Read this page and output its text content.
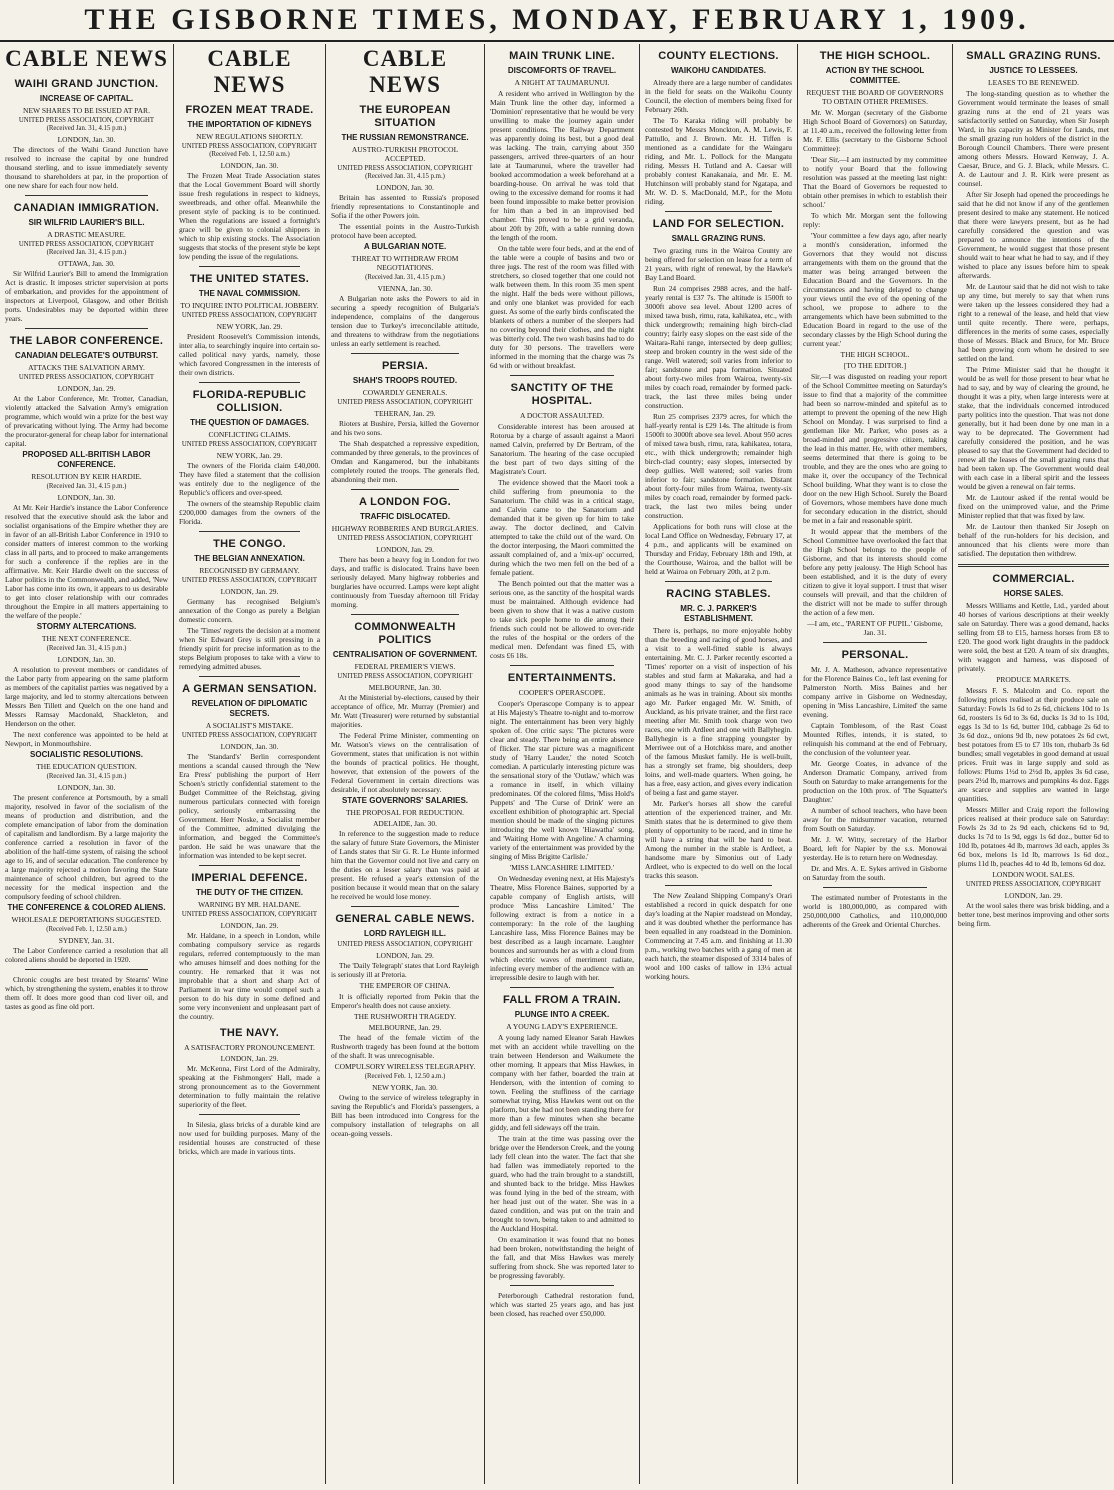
THE GISBORNE TIMES, MONDAY, FEBRUARY 1, 1909.
CABLE NEWS
WAIHI GRAND JUNCTION.
INCREASE OF CAPITAL.
NEW SHARES TO BE ISSUED AT PAR.
UNITED PRESS ASSOCIATION, COPYRIGHT (Received Jan. 31, 4.15 p.m.)
LONDON, Jan. 30.

The directors of the Waihi Grand Junction have resolved to increase the capital by one hundred thousand sterling, and to issue immediately seventy thousand to shareholders at par, in the proportion of one new share for each four now held.

CANADIAN IMMIGRATION.
SIR WILFRID LAURIER'S BILL.
A DRASTIC MEASURE.
UNITED PRESS ASSOCIATION, COPYRIGHT (Received Jan. 31, 4.15 p.m.)
OTTAWA, Jan. 30.

Sir Wilfrid Laurier's Bill to amend the Immigration Act is drastic. It imposes stricter supervision at ports of embarkation, and provides for the appointment of inspectors at Liverpool, Glasgow, and other British ports. Undesirables may be deported within three years.

THE LABOR CONFERENCE.
CANADIAN DELEGATE'S OUTBURST.
ATTACKS THE SALVATION ARMY.
UNITED PRESS ASSOCIATION, COPYRIGHT
LONDON, Jan. 29.

At the Labor Conference, Mr. Trotter, Canadian, violently attacked the Salvation Army's emigration programme, which would win a prize for the best way of prevaricating without lying. The Army had become the procurator-general for cheap labor for international capital.

PROPOSED ALL-BRITISH LABOR CONFERENCE.
RESOLUTION BY KEIR HARDIE.
(Received Jan. 31, 4.15 p.m.)
LONDON, Jan. 30.

At Mr. Keir Hardie's instance the Labor Conference resolved that the executive should ask the labor and socialist organisations of the Empire whether they are in favor of an all-British Labor Conference in 1910 to consider matters of interest common to the working class in all parts, and to proceed to make arrangements for such a conference if the replies are in the affirmative. Mr. Keir Hardie dwelt on the success of Labor politics in the Commonwealth, and added, 'New Labor has come into its own, it appears to us desirable to get into closer relationship with our comrades throughout the Empire in all matters appertaining to the welfare of the people.'

STORMY ALTERCATIONS.
THE NEXT CONFERENCE.
(Received Jan. 31, 4.15 p.m.)
LONDON, Jan. 30.

A resolution to prevent members or candidates of the Labor party from appearing on the same platform as members of the capitalist parties was negatived by a large majority, and led to stormy altercations between Messrs Ben Tillett and Quelch on the one hand and Messrs Ramsay Macdonald, Shackleton, and Henderson on the other.

The next conference was appointed to be held at Newport, in Monmouthshire.

SOCIALISTIC RESOLUTIONS.
THE EDUCATION QUESTION.
(Received Jan. 31, 4.15 p.m.)
LONDON, Jan. 30.

The present conference at Portsmouth, by a small majority, resolved in favor of the socialism of the means of production and distribution, and the complete emancipation of labor from the domination of capitalism and landlordism. By a large majority the conference carried a resolution in favor of the abolition of the half-time system, of raising the school age to 16, and of secular education. The conference by a large majority rejected a motion favoring the State maintenance of school children, but agreed to the necessity for the medical inspection and the compulsory feeding of school children.

THE CONFERENCE & COLORED ALIENS.
WHOLESALE DEPORTATIONS SUGGESTED.
(Received Feb. 1, 12.50 a.m.)
SYDNEY, Jan. 31.

The Labor Conference carried a resolution that all colored aliens should be deported in 1920.

Chronic coughs are best treated by Stearns' Wine which, by strengthening the system, enables it to throw them off. It does more good than cod liver oil, and tastes as good as fine old port.

CABLE NEWS
FROZEN MEAT TRADE.
THE IMPORTATION OF KIDNEYS
NEW REGULATIONS SHORTLY.
UNITED PRESS ASSOCIATION, COPYRIGHT (Received Feb. 1, 12.50 a.m.)
LONDON, Jan. 30.

The Frozen Meat Trade Association states that the Local Government Board will shortly issue fresh regulations in respect to kidneys, sweetbreads, and other offal. Meanwhile the present style of packing is to be continued. When the regulations are issued a fortnight's grace will be given to colonial shippers in which to ship existing stocks. The Association suggests that stocks of the present style be kept low pending the issue of the regulations.

THE UNITED STATES.
THE NAVAL COMMISSION.
TO INQUIRE INTO POLITICAL JOBBERY.
UNITED PRESS ASSOCIATION, COPYRIGHT
NEW YORK, Jan. 29.

President Roosevelt's Commission intends, inter alia, to searchingly inquire into certain so-called political navy yards, namely, those which favored Congressmen in the interests of their own districts.

FLORIDA-REPUBLIC COLLISION.
THE QUESTION OF DAMAGES.
CONFLICTING CLAIMS.
UNITED PRESS ASSOCIATION, COPYRIGHT
NEW YORK, Jan. 29.

The owners of the Florida claim £40,000. They have filed a statement that the collision was entirely due to the negligence of the Republic's officers and over-speed.

The owners of the steamship Republic claim £200,000 damages from the owners of the Florida.

THE CONGO.
THE BELGIAN ANNEXATION.
RECOGNISED BY GERMANY.
UNITED PRESS ASSOCIATION, COPYRIGHT
LONDON, Jan. 29.

Germany has recognised Belgium's annexation of the Congo as purely a Belgian domestic concern.

The 'Times' regrets the decision at a moment when Sir Edward Grey is still pressing in a friendly spirit for precise information as to the steps Belgium proposes to take with a view to remedying admitted abuses.

A GERMAN SENSATION.
REVELATION OF DIPLOMATIC SECRETS.
A SOCIALIST'S MISTAKE.
UNITED PRESS ASSOCIATION, COPYRIGHT
LONDON, Jan. 30.

The 'Standard's' Berlin correspondent mentions a scandal caused through the 'New Era Press' publishing the purport of Herr Schoen's strictly confidential statement to the Budget Committee of the Reichstag, giving numerous particulars connected with foreign policy, seriously embarrassing the Government. Herr Noske, a Socialist member of the Committee, admitted divulging the information, and begged the Committee's pardon. He said he was unaware that the information was intended to be kept secret.

IMPERIAL DEFENCE.
THE DUTY OF THE CITIZEN.
WARNING BY MR. HALDANE.
UNITED PRESS ASSOCIATION, COPYRIGHT
LONDON, Jan. 29.

Mr. Haldane, in a speech in London, while combating compulsory service as regards regulars, referred contemptuously to the man who amuses himself and does nothing for the country. He remarked that it was not improbable that a short and sharp Act of Parliament in war time would compel such a person to do his duty in some defined and some very inconvenient and unpleasant part of the country.

THE NAVY.
A SATISFACTORY PRONOUNCEMENT.
LONDON, Jan. 29.

Mr. McKenna, First Lord of the Admiralty, speaking at the Fishmongers' Hall, made a strong pronouncement as to the Government determination to fully maintain the relative superiority of the fleet.

In Silesia, glass bricks of a durable kind are now used for building purposes. Many of the residential houses are constructed of these bricks, which are made in various tints.

CABLE NEWS
THE EUROPEAN SITUATION
THE RUSSIAN REMONSTRANCE.
AUSTRO-TURKISH PROTOCOL ACCEPTED.
UNITED PRESS ASSOCIATION, COPYRIGHT (Received Jan. 31, 4.15 p.m.)
LONDON, Jan. 30.

Britain has assented to Russia's proposed friendly representations to Constantinople and Sofia if the other Powers join.

The essential points in the Austro-Turkish protocol have been accepted.

A BULGARIAN NOTE.
THREAT TO WITHDRAW FROM NEGOTIATIONS.
(Received Jan. 31, 4.15 p.m.)
VIENNA, Jan. 30.

A Bulgarian note asks the Powers to aid in securing a speedy recognition of Bulgaria's independence, complains of the dangerous tension due to Turkey's irreconcilable attitude, and threatens to withdraw from the negotiations unless an early settlement is reached.

PERSIA.
SHAH'S TROOPS ROUTED.
COWARDLY GENERALS.
UNITED PRESS ASSOCIATION, COPYRIGHT
TEHERAN, Jan. 29.

Rioters at Bushire, Persia, killed the Governor and his two sons.

The Shah despatched a repressive expedition, commanded by three generals, to the provinces of Omdan and Kangamerod, but the inhabitants completely routed the troops. The generals fled, abandoning their men.

A LONDON FOG.
TRAFFIC DISLOCATED.
HIGHWAY ROBBERIES AND BURGLARIES.
UNITED PRESS ASSOCIATION, COPYRIGHT
LONDON, Jan. 29.

There has been a heavy fog in London for two days, and traffic is dislocated. Trains have been seriously delayed. Many highway robberies and burglaries have occurred. Lamps were kept alight continuously from Tuesday afternoon till Friday morning.

COMMONWEALTH POLITICS
CENTRALISATION OF GOVERNMENT.
FEDERAL PREMIER'S VIEWS.
UNITED PRESS ASSOCIATION, COPYRIGHT
MELBOURNE, Jan. 30.

At the Ministerial by-elections, caused by their acceptance of office, Mr. Murray (Premier) and Mr. Watt (Treasurer) were returned by substantial majorities.

The Federal Prime Minister, commenting on Mr. Watson's views on the centralisation of Government, states that unification is not within the bounds of practical politics. He thought, however, that extension of the powers of the Federal Government in certain directions was desirable, if not absolutely necessary.

STATE GOVERNORS' SALARIES.
THE PROPOSAL FOR REDUCTION.
ADELAIDE, Jan. 30.

In reference to the suggestion made to reduce the salary of future State Governors, the Minister of Lands states that Sir G. R. Le Hunte informed him that the Governor could not live and carry on the duties on a lesser salary than was paid at present. He refused a year's extension of the position because it would mean that on the salary he received he would lose money.

GENERAL CABLE NEWS.
LORD RAYLEIGH ILL.
UNITED PRESS ASSOCIATION, COPYRIGHT
LONDON, Jan. 29.

The 'Daily Telegraph' states that Lord Rayleigh is seriously ill at Pretoria.

THE EMPEROR OF CHINA.

It is officially reported from Pekin that the Emperor's health does not cause anxiety.

THE RUSHWORTH TRAGEDY.
MELBOURNE, Jan. 29.

The head of the female victim of the Rushworth tragedy has been found at the bottom of the shaft. It was unrecognisable.

COMPULSORY WIRELESS TELEGRAPHY.
(Received Feb. 1, 12.50 a.m.)
NEW YORK, Jan. 30.

Owing to the service of wireless telegraphy in saving the Republic's and Florida's passengers, a Bill has been introduced into Congress for the compulsory installation of telegraphs on all ocean-going vessels.

MAIN TRUNK LINE.
DISCOMFORTS OF TRAVEL.
A NIGHT AT TAUMARUNUI.

A resident who arrived in Wellington by the Main Trunk line the other day, informed a 'Dominion' representative that he would be very unwilling to make the journey again under present conditions. The Railway Department was apparently doing its best, but a good deal was lacking. The train, carrying about 350 passengers, arrived three-quarters of an hour late at Taumarunui, where the traveller had booked accommodation a week beforehand at a boarding-house. On arrival he was told that owing to the excessive demand for rooms it had been found impossible to make better provision for him than a bed in an improvised bed chamber. This proved to be a grid veranda, about 20ft by 20ft, with a table running down the length of the room.

On the table were four beds, and at the end of the table were a couple of basins and two or three jugs. The rest of the room was filled with stretchers, so closed together that one could not walk between them. In this room 35 men spent the night. Half the beds were without pillows, and only one blanket was provided for each guest. As some of the early birds confiscated the blankets of others a number of the sleepers had no covering beyond their clothes, and the night was bitterly cold. The two wash basins had to do duty for 30 persons. The travellers were informed in the morning that the charge was 7s 6d with or without breakfast.

SANCTITY OF THE HOSPITAL.
A DOCTOR ASSAULTED.

Considerable interest has been aroused at Rotorua by a charge of assault against a Maori named Calvin, preferred by Dr Bertram, of the Sanatorium. The hearing of the case occupied the best part of two days sitting of the Magistrate's Court.

The evidence showed that the Maori took a child suffering from pneumonia to the Sanatorium. The child was in a critical stage, and Calvin came to the Sanatorium and demanded that it be given up for him to take away. The doctor declined, and Calvin attempted to take the child out of the ward. On the doctor interposing, the Maori committed the assault complained of, and a 'mix-up' occurred, during which the two men fell on the bed of a female patient.

The Bench pointed out that the matter was a serious one, as the sanctity of the hospital wards must be maintained. Although evidence had been given to show that it was a native custom to take sick people home to die among their friends such could not be allowed to over-ride the rules of the hospital or the orders of the medical men. Defendant was fined £5, with costs £6 18s.

ENTERTAINMENTS.
COOPER'S OPERASCOPE.

Cooper's Operascope Company is to appear at His Majesty's Theatre to-night and to-morrow night. The entertainment has been very highly spoken of. One critic says: 'The pictures were clear and steady. There being an entire absence of flicker. The star picture was a magnificent study of 'Harry Lauder,' the noted Scotch comedian. A particularly interesting picture was the sensational story of the 'Outlaw,' which was a romance in itself, in which villainy predominates. Of the colored films, 'Miss Hold's Puppets' and 'The Curse of Drink' were an excellent exhibition of photographic art. Special mention should be made of the singing pictures introducing the well known 'Hiawatha' song, and 'Waiting Home with Angeline.' A charming variety of the entertainment was provided by the singing of Miss Brigitte Carlisle.'

'MISS LANCASHIRE LIMITED.'

On Wednesday evening next, at His Majesty's Theatre, Miss Florence Baines, supported by a capable company of English artists, will produce 'Miss Lancashire Limited.' The following extract is from a notice in a contemporary: In the role of the laughing Lancashire lass, Miss Florence Baines may be best described as a laugh incarnate. Laughter bounces and surrounds her as with a cloud from which electric waves of merriment radiate, infecting every member of the audience with an irrepressible desire to laugh with her.

FALL FROM A TRAIN.
PLUNGE INTO A CREEK.
A YOUNG LADY'S EXPERIENCE.

A young lady named Eleanor Sarah Hawkes met with an accident while travelling on the train between Henderson and Waikumete the other morning. It appears that Miss Hawkes, in company with her father, boarded the train at Henderson, with the intention of coming to town. Feeling the stuffiness of the carriage somewhat trying, Miss Hawkes went out on the platform, but she had not been standing there for more than a few minutes when she became giddy, and fell sideways off the train.

The train at the time was passing over the bridge over the Henderson Creek, and the young lady fell clean into the water. The fact that she had fallen was immediately reported to the guard, who had the train brought to a standstill, and shunted back to the bridge. Miss Hawkes was found lying in the bed of the stream, with her head just out of the water. She was in a dazed condition, and was put on the train and brought to town, being taken to and admitted to the Auckland Hospital.

On examination it was found that no bones had been broken, notwithstanding the height of the fall, and that Miss Hawkes was merely suffering from shock. She was reported later to be progressing favorably.

Peterborough Cathedral restoration fund, which was started 25 years ago, and has just been closed, has reached over £50,000.

COUNTY ELECTIONS.
WAIKOHU CANDIDATES.

Already there are a large number of candidates in the field for seats on the Waikohu County Council, the election of members being fixed for February 26th.

The To Karaka riding will probably be contested by Messrs Monckton, A. M. Lewis, F. Pattullo, and J. Brown. Mr. H. Tiffen is mentioned as a candidate for the Waingaru riding, and Mr. L. Pollock for the Mangatu riding. Messrs H. Tutland and A. Caesar will probably contest Kanakanaia, and Mr. E. M. Hutchinson will probably stand for Ngatapa, and Mr. W. D. S. MacDonald, M.P., for the Motu riding.

LAND FOR SELECTION.
SMALL GRAZING RUNS.

Two grazing runs in the Wairoa County are being offered for selection on lease for a term of 21 years, with right of renewal, by the Hawke's Bay Land Board.

Run 24 comprises 2988 acres, and the half-yearly rental is £37 7s. The altitude is 1500ft to 3000ft above sea level. About 1200 acres of mixed tawa bush, rimu, rata, kahikatea, etc., with thick undergrowth; remaining high birch-clad country; fairly easy slopes on the east side of the Waitara-Rahi range, intersected by deep gullies; steep and broken country in the west side of the range. Well watered; soil varies from inferior to fair; sandstone and papa formation. Situated about forty-two miles from Wairoa, twenty-six miles by coach road, remainder by formed pack-track, the last three miles being under construction.

Run 25 comprises 2379 acres, for which the half-yearly rental is £29 14s. The altitude is from 1500ft to 3000ft above sea level. About 950 acres of mixed tawa bush, rimu, rata, kahikatea, totara, etc., with thick undergrowth; remainder high birch-clad country; easy slopes, intersected by deep gullies. Well watered; soil varies from inferior to fair; sandstone formation. Distant about forty-four miles from Wairoa, twenty-six miles by coach road, remainder by formed pack-track, the last two miles being under construction.

Applications for both runs will close at the local Land Office on Wednesday, February 17, at 4 p.m., and applicants will be examined on Thursday and Friday, February 18th and 19th, at the Courthouse, Wairoa, and the ballot will be held at Wairoa on February 20th, at 2 p.m.

RACING STABLES.
MR. C. J. PARKER'S ESTABLISHMENT.

There is, perhaps, no more enjoyable hobby than the breeding and racing of good horses, and a visit to a well-fitted stable is always entertaining. Mr. C. J. Parker recently escorted a 'Times' reporter on a visit of inspection of his stables and stud farm at Makaraka, and had a good many things to say of the handsome animals as he was in training. About six months ago Mr. Parker engaged Mr. W. Smith, of Auckland, as his private trainer, and the first race meeting after Mr. Smith took charge won two races, one with Ardleet and one with Ballyhegin. Ballyhegin is a fine strapping youngster by Merriwee out of a Hotchkiss mare, and another of the famous Musket family. He is well-built, has a strongly set frame, big shoulders, deep loins, and well-made quarters. When going, he has a free, easy action, and gives every indication of being a fast and game stayer.

Mr. Parker's horses all show the careful attention of the experienced trainer, and Mr. Smith states that he is determined to give them plenty of opportunity to be raced, and in time he will have a string that will be hard to beat. Among the number in the stable is Ardleet, a handsome mare by Simonius out of Lady Ardleet, who is expected to do well on the local tracks this season.

The New Zealand Shipping Company's Orari established a record in quick despatch for one day's loading at the Napier roadstead on Monday, and it was doubted whether the performance has been equalled in any roadstead in the Dominion. Commencing at 7.45 a.m. and finishing at 11.30 p.m., working two batches with a gang of men at each hatch, the steamer disposed of 3314 bales of wool and 100 casks of tallow in 13¼ actual working hours.

THE HIGH SCHOOL.
ACTION BY THE SCHOOL COMMITTEE.
REQUEST THE BOARD OF GOVERNORS TO OBTAIN OTHER PREMISES.

Mr. W. Morgan (secretary of the Gisborne High School Board of Governors) on Saturday, at 11.40 a.m., received the following letter from Mr. F. Ellis (secretary to the Gisborne School Committee):

'Dear Sir,—I am instructed by my committee to notify your Board that the following resolution was passed at the meeting last night: That the Board of Governors be requested to obtain other premises in which to establish their school.'

To which Mr. Morgan sent the following reply:

'Your committee a few days ago, after nearly a month's consideration, informed the Governors that they would not discuss arrangements with them on the ground that the matter was being arranged between the Education Board and the Governors. In the circumstances and having delayed to change your views until the eve of the opening of the school, we propose to adhere to the arrangements which have been submitted to the Education Board in regard to the use of the secondary classes by the High School during the current year.'

THE HIGH SCHOOL.
[TO THE EDITOR.]

Sir,—I was disgusted on reading your report of the School Committee meeting on Saturday's issue to find that a majority of the committee had been so narrow-minded and spiteful as to attempt to prevent the opening of the new High School on Monday. I was surprised to find a gentleman like Mr. Parker, who poses as a broad-minded and progressive citizen, taking the lead in this matter. He, with other members, seems determined that there is going to be trouble, and they are the ones who are going to make it, over the occupancy of the Technical School building. What they want is to close the door on the new High School. Surely the Board of Governors, whose members have done much for secondary education in the district, should be met in a fair and reasonable spirit.

It would appear that the members of the School Committee have overlooked the fact that the High School belongs to the people of Gisborne, and that its interests should come before any petty jealousy. The High School has been established, and it is the duty of every citizen to give it loyal support. I trust that wiser counsels will prevail, and that the children of the district will not be made to suffer through the action of a few men.

—I am, etc., 'PARENT OF PUPIL.' Gisborne, Jan. 31.
PERSONAL.

Mr. J. A. Matheson, advance representative for the Florence Baines Co., left last evening for Palmerston North. Miss Baines and her company arrive in Gisborne on Wednesday, opening in 'Miss Lancashire, Limited' the same evening.

Captain Tomblesom, of the Rast Coast Mounted Rifles, intends, it is stated, to relinquish his command at the end of February, the conclusion of the volunteer year.

Mr. George Coates, in advance of the Anderson Dramatic Company, arrived from South on Saturday to make arrangements for the production on the 10th prox. of 'The Squatter's Daughter.'

A number of school teachers, who have been away for the midsummer vacation, returned from South on Saturday.

Mr. J. W. Witty, secretary of the Harbor Board, left for Napier by the s.s. Monowai yesterday. He is to return here on Wednesday.

Dr. and Mrs. A. E. Sykes arrived in Gisborne on Saturday from the south.

The estimated number of Protestants in the world is 180,000,000, as compared with 250,000,000 Catholics, and 110,000,000 adherents of the Greek and Oriental Churches.

SMALL GRAZING RUNS.
JUSTICE TO LESSEES.
LEASES TO BE RENEWED.

The long-standing question as to whether the Government would terminate the leases of small grazing runs at the end of 21 years was satisfactorily settled on Saturday, when Sir Joseph Ward, in his capacity as Minister for Lands, met the small grazing run holders of the district in the Borough Council Chambers. There were present among others Messrs. Howard Kenway, J. A. Caesar, Bruce, and G. J. Black, while Messrs. C. A. de Lautour and J. R. Kirk were present as counsel.

After Sir Joseph had opened the proceedings he said that he did not know if any of the gentlemen present desired to make any statement. He noticed that there were lawyers present, but as he had carefully considered the question and was prepared to announce the intentions of the Government, he would suggest that those present should wait to hear what he had to say, and if they wished to place any issues before him to speak afterwards.

Mr. de Lautour said that he did not wish to take up any time, but merely to say that when runs were taken up the lessees considered they had a right to a renewal of the lease, and held that view until quite recently. There were, perhaps, differences in the merits of some cases, especially those of Messrs. Black and Bruce, for Mr. Bruce had been growing corn whom he desired to see settled on the land.

The Prime Minister said that he thought it would be as well for those present to hear what he had to say, and by way of clearing the ground, he thought it was a pity, when large interests were at stake, that the individuals concerned introduced party politics into the question. That was not done generally, but it had been done by one man in a way to be deprecated. The Government had carefully considered the position, and he was pleased to say that the Government had decided to renew all the leases of the small grazing runs that had been taken up. The Government would deal with each case in a liberal spirit and the lessees would be given a renewal on fair terms.

Mr. de Lautour asked if the rental would be fixed on the unimproved value, and the Prime Minister replied that that was fixed by law.

Mr. de Lautour then thanked Sir Joseph on behalf of the run-holders for his decision, and announced that his clients were more than satisfied. The deputation then withdrew.

COMMERCIAL.
HORSE SALES.

Messrs Williams and Kettle, Ltd., yarded about 40 horses of various descriptions at their weekly sale on Saturday. There was a good demand, hacks selling from £8 to £15, harness horses from £8 to £20. The good work light draughts in the paddock were sold, the best at £20. A team of six draughts, with waggon and harness, was disposed of privately.

PRODUCE MARKETS.

Messrs F. S. Malcolm and Co. report the following prices realised at their produce sale on Saturday: Fowls 1s 6d to 2s 6d, chickens 10d to 1s 6d, roosters 1s 6d to 3s 6d, ducks 1s 3d to 1s 10d, eggs 1s 3d to 1s 6d, butter 10d, cabbage 2s 6d to 3s 6d doz., onions 9d lb, new potatoes 2s 6d cwt, best potatoes from £5 to £7 10s ton, rhubarb 3s 6d bundles; small vegetables in good demand at usual prices. Fruit was in large supply and sold as follows: Plums 1½d to 2½d lb, apples 3s 6d case, pears 2½d lb, marrows and pumpkins 4s doz. Eggs are scarce and supplies are wanted in large quantities.

Messrs Miller and Craig report the following prices realised at their produce sale on Saturday: Fowls 2s 3d to 2s 9d each, chickens 6d to 9d, ducks 1s 7d to 1s 9d, eggs 1s 6d doz., butter 6d to 10d lb, potatoes 4d lb, marrows 3d each, apples 3s 6d box, melons 1s 1d lb, marrows 1s 6d doz., plums 11d lb, peaches 4d to 4d lb, lemons 6d doz.

LONDON WOOL SALES.
UNITED PRESS ASSOCIATION, COPYRIGHT
LONDON, Jan. 29.

At the wool sales there was brisk bidding, and a better tone, best merinos improving and other sorts being firm.
